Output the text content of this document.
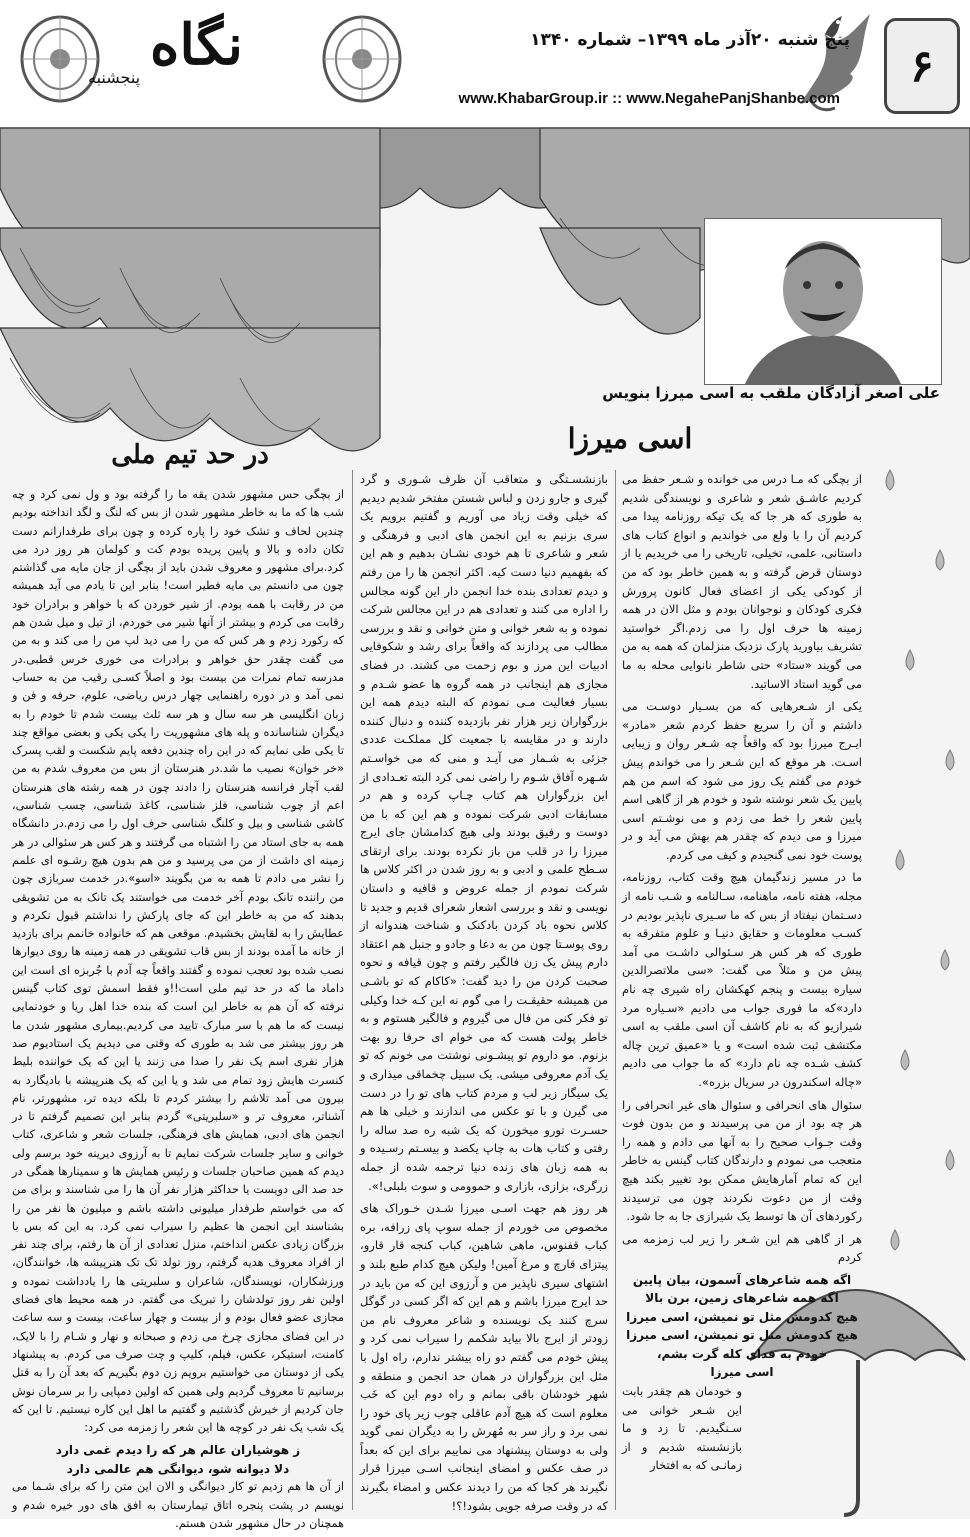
۶
پنج شنبه ۲۰آذر ماه ۱۳۹۹– شماره ۱۳۴۰
www.KhabarGroup.ir :: www.NegahePanjShanbe.com
نگاه
پنجشنبه
علی اصغر آزادگان ملقب به اسی میرزا بنویس
اسی میرزا
در حد تیم ملی

از بچگی که مـا درس می خوانده و شـعر حفظ می کردیم عاشـق شعر و شاعری و نویسندگی شدیم به طوری که هر جا که یک تیکه روزنامه پیدا می کردیم آن را با ولع می خواندیم و انواع کتاب های داستانی، علمی، تخیلی، تاریخی را می خریدیم یا از دوستان قرض گرفته و به همین خاطر بود که من از کودکی یکی از اعضای فعال کانون پرورش فکری کودکان و نوجوانان بودم و مثل الان در همه زمینه ها حرف اول را می زدم.اگر خواستید تشریف بیاورید پارک نزدیک منزلمان که همه به من می گویند «ستاد» حتی شاطر نانوایی محله به ما می گوید استاد الاساتید.

یکی از شـعرهایی که من بسـیار دوسـت می داشتم و آن را سریع حفظ کردم شعر «مادر» ایـرج میرزا بود که واقعاً چه شـعر روان و زیبایی اسـت. هر موقع که این شـعر را می خواندم پیش خودم می گفتم یک روز می شود که اسم من هم پایین یک شعر نوشته شود و خودم هر از گاهی اسم پایین شعر را خط می زدم و می نوشـتم اسی میرزا و می دیدم که چقدر هم بهش می آید و در پوست خود نمی گنجیدم و کیف می کردم.

ما در مسیر زندگیمان هیچ وقت کتاب، روزنامه، مجله، هفته نامه، ماهنامه، سـالنامه و شـب نامه از دسـتمان نیفتاد از بس که ما سـیری ناپذیر بودیم در کسـب معلومات و حقایق دنیـا و علوم متفرقه به طوری که هر کس هر سـئوالی داشـت می آمد پیش من و مثلاً می گفت: «سی ملاتصرالدین سیاره بیست و پنجم کهکشان راه شیری چه نام دارد»که ما فوری جواب می دادیم «سـیاره مرد شیرازیو که به نام کاشف آن اسی ملقب به اسی مکتشف ثبت شده است» و یا «عمیق ترین چاله کشف شـده چه نام دارد» که ما جواب می دادیم «چاله اسکندرون در سریال بزره».

سئوال های انحرافی و سئوال های غیر انحرافی را هر چه بود از من می پرسیدند و من بدون فوت وقت جـواب صحیح را به آنها می دادم و همه را متعجب می نمودم و دارندگان کتاب گینس به خاطر این که تمام آمارهایش ممکن بود تغییر بکند هیچ وقت از من دعوت نکردند چون می ترسیدند رکوردهای آن ها توسط یک شیرازی جا به جا شود.

هر از گاهی هم این شـعر را زیر لب زمزمه می کردم

اگه همه شاعرهای آسمون، بیان پایین
اگه همه شاعرهای زمین، برن بالا
هیچ کدومش مثل تو نمیشن، اسی میرزا
هیچ کدومش مثل تو نمیشن، اسی میرزا
خودم به فدای کله گرت بشم،
اسی میرزا

و خودمان هم چقدر بابت این شـعر خوانی می سـنگیدیم. تا زد و ما بازنشسته شدیم و از زمانـی که به افتخار

بازنشسـتگی و متعاقب آن ظرف شـوری و گرد گیری و جارو زدن و لباس شستن مفتخر شدیم دیدیم که خیلی وقت زیاد می آوریم و گفتیم برویم یک سری بزنیم به این انجمن های ادبی و فرهنگی و شعر و شاعری تا هم خودی نشـان بدهیم و هم این که بفهمیم دنیا دست کیه. اکثر انجمن ها را من رفتم و دیدم تعدادی بنده خدا انجمن دار این گونه مجالس را اداره می کنند و تعدادی هم در این مجالس شرکت نموده و به شعر خوانی و متن خوانی و نقد و بررسی مطالب می پردازند که واقعاً برای رشد و شکوفایی ادبیات این مرز و بوم زحمت می کشند. در فضای مجازی هم اینجانب در همه گروه ها عضو شـدم و بسیار فعالیت مـی نمودم که البته دیدم همه این بزرگواران زیر هزار نفر بازدیده کننده و دنبال کننده دارند و در مقایسه با جمعیت کل مملکـت عددی جزئی به شـمار می آیـد و منی که می خواسـتم شـهره آفاق شـوم را راضی نمی کرد البته تعـدادی از این بزرگواران هم کتاب چـاپ کرده و هم در مسابقات ادبی شرکت نموده و هم این که با من دوست و رفیق بودند ولی هیچ کدامشان جای ایرج میرزا را در قلب من باز نکرده بودند. برای ارتقای سـطح علمی و ادبی و به روز شدن در اکثر کلاس ها شرکت نمودم از جمله عروض و قافیه و داستان نویسی و نقد و بررسی اشعار شعرای قدیم و جدید تا کلاس نحوه باد کردن بادکنک و شناخت هندوانه از روی پوسـتا چون من به دعا و جادو و جنبل هم اعتقاد دارم پیش یک زن فالگیر رفتم و چون قیافه و نحوه صحبت کردن من را دید گفت: «کاکام که تو باشـی من همیشه حقیقـت را می گوم نه این کـه خدا وکیلی تو فکر کنی من فال می گیروم و فالگیر هستوم و به خاطر پولت هست که می خوام ای حرفا رو بهت بزنوم. مو داروم تو پیشـونی نوشتت می خونم که تو یک آدم معروفی میشی. یک سبیل چخماقی میذاری و یک سیگار زیر لب و مردم کتاب های تو را در دست می گیرن و با تو عکس می اندازند و خیلی ها هم حسـرت تورو میخورن که یک شبه ره صد ساله را رفتی و کتاب هات به چاپ یکصد و بیسـتم رسـیده و به همه زبان های زنده دنیا ترجمه شده از جمله زرگری، بزازی، بازاری و حموومی و سوت بلبلی!».

هر روز هم جهت اسـی میرزا شـدن خـوراک های مخصوص می خوردم از جمله سوپ پای زرافه، بره کباب قفنوس، ماهی شاهین، کباب کنجه قار قارو، پیتزای قارچ و مرغ آمین! ولیکن هیچ کدام طبع بلند و اشتهای سیری ناپذیر من و آرزوی این که من باید در حد ایرج میرزا باشم و هم این که اگر کسی در گوگل سرچ کنند یک نویسنده و شاعر معروف نام من زودتر از ایرج بالا بیاید شکمم را سیراب نمی کرد و پیش خودم می گفتم دو راه بیشتر ندارم، راه اول با مثل این بزرگواران در همان حد انجمن و منطقه و شهر خودشان باقی بمانم و راه دوم این که خَب معلوم است که هیچ آدم عاقلی چوب زیر پای خود را نمی برد و راز سر به مُهرش را به دیگران نمی گوید ولی به دوستان پیشنهاد می نماییم برای این که بعداً در صف عکس و امضای اینجانب اسـی میرزا قرار نگیرند هر کجا که من را دیدند عکس و امضاء بگیرند که در وقت صرفه جویی بشود!؟!

از بچگی حس مشهور شدن یقه ما را گرفته بود و ول نمی کرد و چه شب ها که ما به خاطر مشهور شدن از بس که لنگ و لگد انداخته بودیم چندین لحاف و تشک خود را پاره کرده و چون برای طرفدارانم دست تکان داده و بالا و پایین پریده بودم کت و کولمان هر روز درد می کرد.برای مشهور و معروف شدن باید از بچگی از جان مایه می گذاشتم چون می دانستم بی مایه فطیر است! بنابر این تا یادم می آید همیشه من در رقابت با همه بودم. از شیر خوردن که با خواهر و برادران خود رقابت می کردم و بیشتر از آنها شیر می خوردم، از تیل و میل شدن هم که رکورد زدم و هر کس که من را می دید لپ من را می کند و به من می گفت چقدر حق خواهر و برادرات می خوری خرس قطبی.در مدرسه تمام نمرات من بیست بود و اصلاً کسـی رقیب من به حساب نمی آمد و در دوره راهنمایی چهار درس ریاضی، علوم، حرفه و فن و زبان انگلیسی هر سه سال و هر سه ثلث بیست شدم تا خودم را به دیگران شناسانده و پله های مشهوریت را یکی یکی و بعضی مواقع چند تا یکی طی نمایم که در این راه چندین دفعه پایم شکست و لقب پسرک «خر خوان» نصیب ما شد.در هنرستان از بس من معروف شدم به من لقب آچار فرانسه هنرستان را دادند چون در همه رشته های هنرستان اعم از چوب شناسی، فلز شناسی، کاغذ شناسی، چسب شناسی، کاشی شناسی و بیل و کلنگ شناسی حرف اول را می زدم.در دانشگاه همه به جای استاد من را اشتباه می گرفتند و هر کس هر سئوالی در هر زمینه ای داشت از من می پرسید و من هم بدون هیچ رشـوه ای علمم را نشر می دادم تا همه به من بگویند «اسو».در خدمت سربازی چون من راننده تانک بودم آخر خدمت می خواستند یک تانک به من تشویقی بدهند که من به خاطر این که جای پارکش را نداشتم قبول نکردم و عطایش را به لقایش بخشیدم. موقعی هم که خانواده خانمم برای بازدید از خانه ما آمده بودند از بس قاب تشویقی در همه زمینه ها روی دیوارها نصب شده بود تعجب نموده و گفتند واقعاً چه آدم با جُربزه ای است این داماد ما که در حد تیم ملی است!!و فقط اسمش توی کتاب گینس نرفته که آن هم به خاطر این است که بنده خدا اهل ریا و خودنمایی نیست که ما هم با سر مبارک تایید می کردیم.بیماری مشهور شدن ما هر روز بیشتر می شد به طوری که وقتی می دیدیم یک استادیوم صد هزار نفری اسم یک نفر را صدا می زنند یا این که یک خواننده بلیط کنسرت هایش زود تمام می شد و یا این که یک هنرپیشه با بادیگارد به بیرون می آمد تلاشم را بیشتر کردم تا بلکه دیده تر، مشهورتر، نام آشناتر، معروف تر و «سلبریتی» گردم بنابر این تصمیم گرفتم تا در انجمن های ادبی، همایش های فرهنگی، جلسات شعر و شاعری، کتاب خوانی و سایر جلسات شرکت نمایم تا به آرزوی دیرینه خود برسم ولی دیدم که همین صاحبان جلسات و رئیس همایش ها و سمینارها همگی در حد صد الی دویست یا حداکثر هزار نفر آن ها را می شناسند و برای من که می خواستم طرفدار میلیونی داشته باشم و میلیون ها نفر من را بشناسند این انجمن ها عظیم را سیراب نمی کرد. به این که بس با بزرگان زیادی عکس انداختم، منزل تعدادی از آن ها رفتم، برای چند نفر از افراد معروف هدیه گرفتم، روز تولد تک تک هنرپیشه ها، خوانندگان، ورزشکاران، نویسندگان، شاعران و سلبریتی ها را یادداشت نموده و اولین نفر روز تولدشان را تبریک می گفتم. در همه محیط های فضای مجازی عضو فعال بودم و از بیست و چهار ساعت، بیست و سه ساعت در این فضای مجازی چرخ می زدم و صبحانه و نهار و شـام را با لایک، کامنت، استیکر، عکس، فیلم، کلیپ و چت صرف می کردم. به پیشنهاد یکی از دوستان می خواستیم برویم زن دوم بگیریم که بعد آن را به قتل برسانیم تا معروف گردیم ولی همین که اولین دمپایی را بر سرمان نوش جان کردیم از خیرش گذشتیم و گفتیم ما اهل این کاره نیستیم. تا این که یک شب یک نفر در کوچه ها این شعر را زمزمه می کرد:

ز هوشیاران عالم هر که را دیدم غمی دارد
دلا دیوانه شو، دیوانگی هم عالمی دارد

از آن ها هم زدیم تو کار دیوانگی و الان این متن را که برای شـما می نویسم در پشت پنجره اتاق تیمارستان به افق های دور خیره شدم و همچنان در حال مشهور شدن هستم.
